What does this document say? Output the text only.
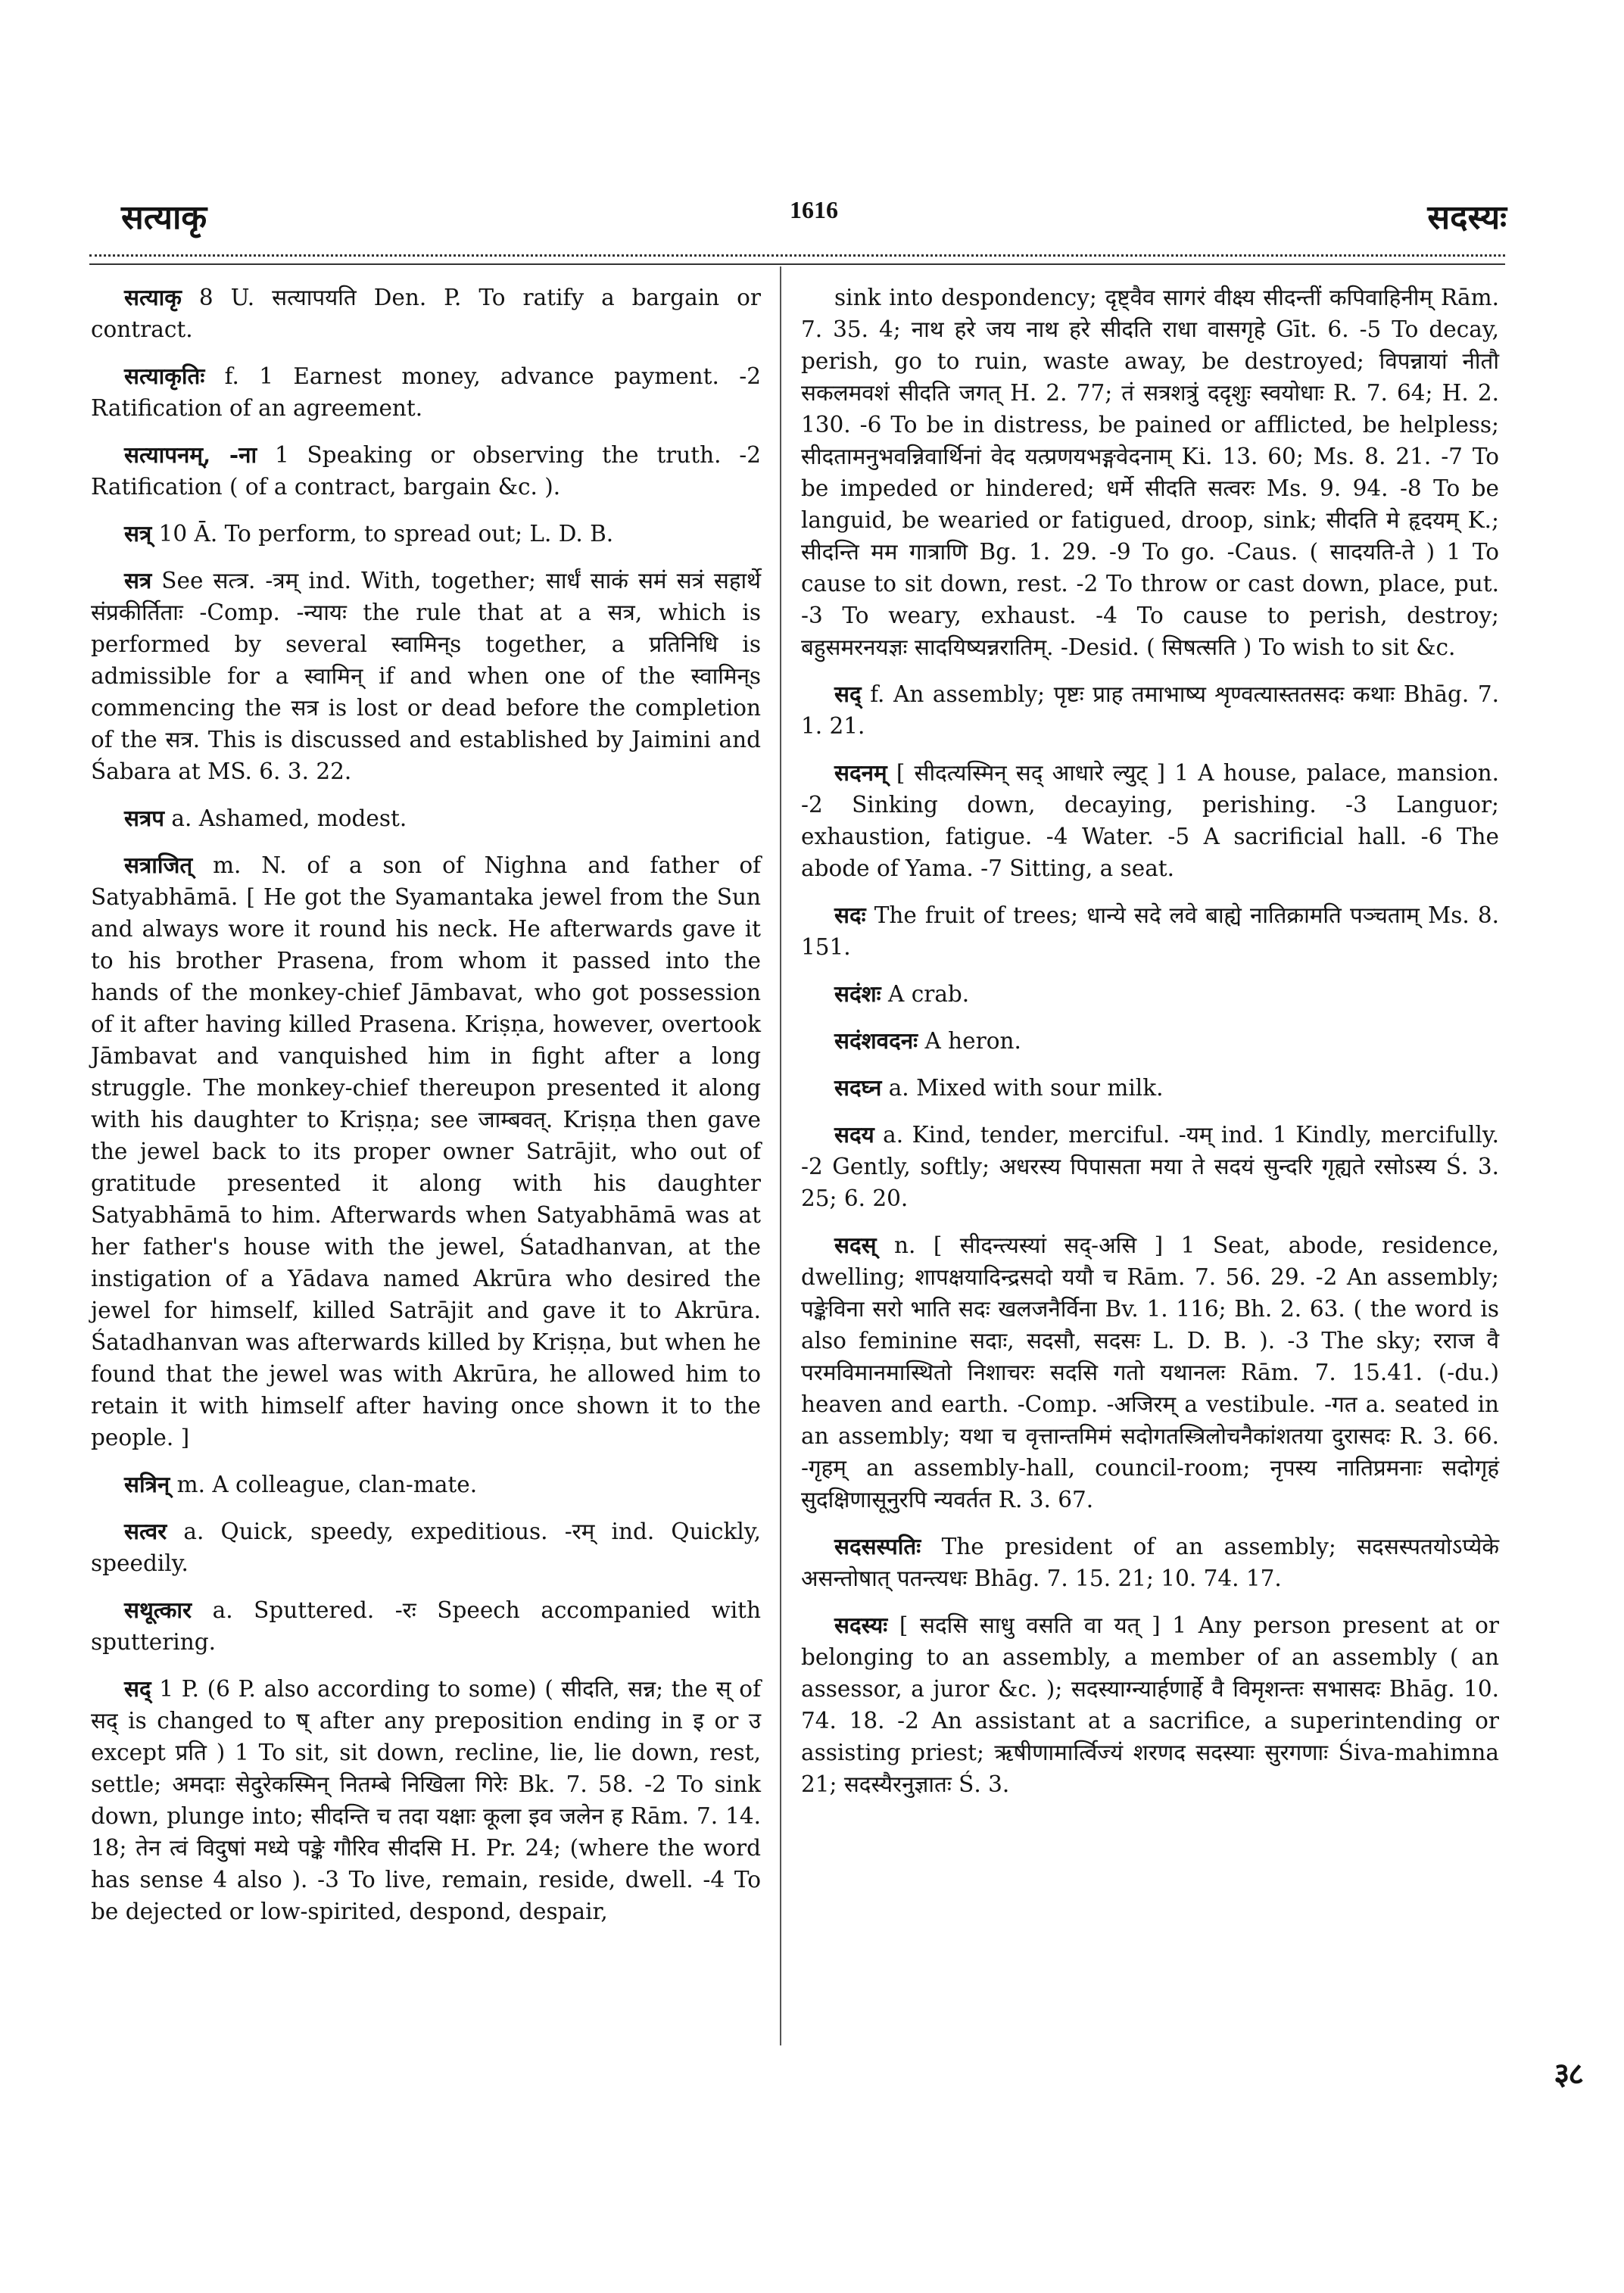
सत्याकृ	1616	सदस्यः

सत्याकृ 8 U. सत्यापयति Den. P. To ratify a bargain or contract.

सत्याकृतिः f. 1 Earnest money, advance payment. -2 Ratification of an agreement.

सत्यापनम्, -ना 1 Speaking or observing the truth. -2 Ratification ( of a contract, bargain &c. ).

सत्र् 10 Ā. To perform, to spread out; L. D. B.

सत्र See सत्त्र. -त्रम् ind. With, together; सार्धं साकं समं सत्रं सहार्थे संप्रकीर्तिताः -Comp. -न्यायः the rule that at a सत्र, which is performed by several स्वामिन्s together, a प्रतिनिधि is admissible for a स्वामिन् if and when one of the स्वामिन्s commencing the सत्र is lost or dead before the completion of the सत्र. This is discussed and established by Jaimini and Śabara at MS. 6. 3. 22.

सत्रप a. Ashamed, modest.

सत्राजित् m. N. of a son of Nighna and father of Satyabhāmā. [ He got the Syamantaka jewel from the Sun and always wore it round his neck. He afterwards gave it to his brother Prasena, from whom it passed into the hands of the monkey-chief Jāmbavat, who got possession of it after having killed Prasena. Kriṣṇa, however, overtook Jāmbavat and vanquished him in fight after a long struggle. The monkey-chief thereupon presented it along with his daughter to Kriṣṇa; see जाम्बवत्. Kriṣṇa then gave the jewel back to its proper owner Satrājit, who out of gratitude presented it along with his daughter Satyabhāmā to him. Afterwards when Satyabhāmā was at her father's house with the jewel, Śatadhanvan, at the instigation of a Yādava named Akrūra who desired the jewel for himself, killed Satrājit and gave it to Akrūra. Śatadhanvan was afterwards killed by Kriṣṇa, but when he found that the jewel was with Akrūra, he allowed him to retain it with himself after having once shown it to the people. ]

सत्रिन् m. A colleague, clan-mate.

सत्वर a. Quick, speedy, expeditious. -रम् ind. Quickly, speedily.

सथूत्कार a. Sputtered. -रः Speech accompanied with sputtering.

सद् 1 P. (6 P. also according to some) ( सीदति, सन्न; the स् of सद् is changed to ष् after any preposition ending in इ or उ except प्रति ) 1 To sit, sit down, recline, lie, lie down, rest, settle; अमदाः सेदुरेकस्मिन् नितम्बे निखिला गिरेः Bk. 7. 58. -2 To sink down, plunge into; सीदन्ति च तदा यक्षाः कूला इव जलेन ह Rām. 7. 14. 18; तेन त्वं विदुषां मध्ये पङ्के गौरिव सीदसि H. Pr. 24; (where the word has sense 4 also ). -3 To live, remain, reside, dwell. -4 To be dejected or low-spirited, despond, despair,

sink into despondency; दृष्ट्वैव सागरं वीक्ष्य सीदन्तीं कपिवाहिनीम् Rām. 7. 35. 4; नाथ हरे जय नाथ हरे सीदति राधा वासगृहे Gīt. 6. -5 To decay, perish, go to ruin, waste away, be destroyed; विपन्नायां नीतौ सकलमवशं सीदति जगत् H. 2. 77; तं सत्रशत्रुं ददृशुः स्वयोधाः R. 7. 64; H. 2. 130. -6 To be in distress, be pained or afflicted, be helpless; सीदतामनुभवन्निवार्थिनां वेद यत्प्रणयभङ्गवेदनाम् Ki. 13. 60; Ms. 8. 21. -7 To be impeded or hindered; धर्मे सीदति सत्वरः Ms. 9. 94. -8 To be languid, be wearied or fatigued, droop, sink; सीदति मे हृदयम् K.; सीदन्ति मम गात्राणि Bg. 1. 29. -9 To go. -Caus. ( सादयति-ते ) 1 To cause to sit down, rest. -2 To throw or cast down, place, put. -3 To weary, exhaust. -4 To cause to perish, destroy; बहुसमरनयज्ञः सादयिष्यन्नरातिम्. -Desid. ( सिषत्सति ) To wish to sit &c.

सद् f. An assembly; पृष्टः प्राह तमाभाष्य शृण्वत्यास्ततसदः कथाः Bhāg. 7. 1. 21.

सदनम् [ सीदत्यस्मिन् सद् आधारे ल्युट् ] 1 A house, palace, mansion. -2 Sinking down, decaying, perishing. -3 Languor; exhaustion, fatigue. -4 Water. -5 A sacrificial hall. -6 The abode of Yama. -7 Sitting, a seat.

सदः The fruit of trees; धान्ये सदे लवे बाह्ये नातिक्रामति पञ्चताम् Ms. 8. 151.

सदंशः A crab.

सदंशवदनः A heron.

सदघ्न a. Mixed with sour milk.

सदय a. Kind, tender, merciful. -यम् ind. 1 Kindly, mercifully. -2 Gently, softly; अधरस्य पिपासता मया ते सदयं सुन्दरि गृह्यते रसोऽस्य Ś. 3. 25; 6. 20.

सदस् n. [ सीदन्त्यस्यां सद्-असि ] 1 Seat, abode, residence, dwelling; शापक्षयादिन्द्रसदो ययौ च Rām. 7. 56. 29. -2 An assembly; पङ्केविना सरो भाति सदः खलजनैर्विना Bv. 1. 116; Bh. 2. 63. ( the word is also feminine सदाः, सदसौ, सदसः L. D. B. ). -3 The sky; रराज वै परमविमानमास्थितो निशाचरः सदसि गतो यथानलः Rām. 7. 15.41. (-du.) heaven and earth. -Comp. -अजिरम् a vestibule. -गत a. seated in an assembly; यथा च वृत्तान्तमिमं सदोगतस्त्रिलोचनैकांशतया दुरासदः R. 3. 66. -गृहम् an assembly-hall, council-room; नृपस्य नातिप्रमनाः सदोगृहं सुदक्षिणासूनुरपि न्यवर्तत R. 3. 67.

सदसस्पतिः The president of an assembly; सदसस्पतयोऽप्येके असन्तोषात् पतन्त्यधः Bhāg. 7. 15. 21; 10. 74. 17.

सदस्यः [ सदसि साधु वसति वा यत् ] 1 Any person present at or belonging to an assembly, a member of an assembly ( an assessor, a juror &c. ); सदस्याग्न्यार्हणार्हे वै विमृशन्तः सभासदः Bhāg. 10. 74. 18. -2 An assistant at a sacrifice, a superintending or assisting priest; ऋषीणामार्त्विज्यं शरणद सदस्याः सुरगणाः Śiva-mahimna 21; सदस्यैरनुज्ञातः Ś. 3.

३८
